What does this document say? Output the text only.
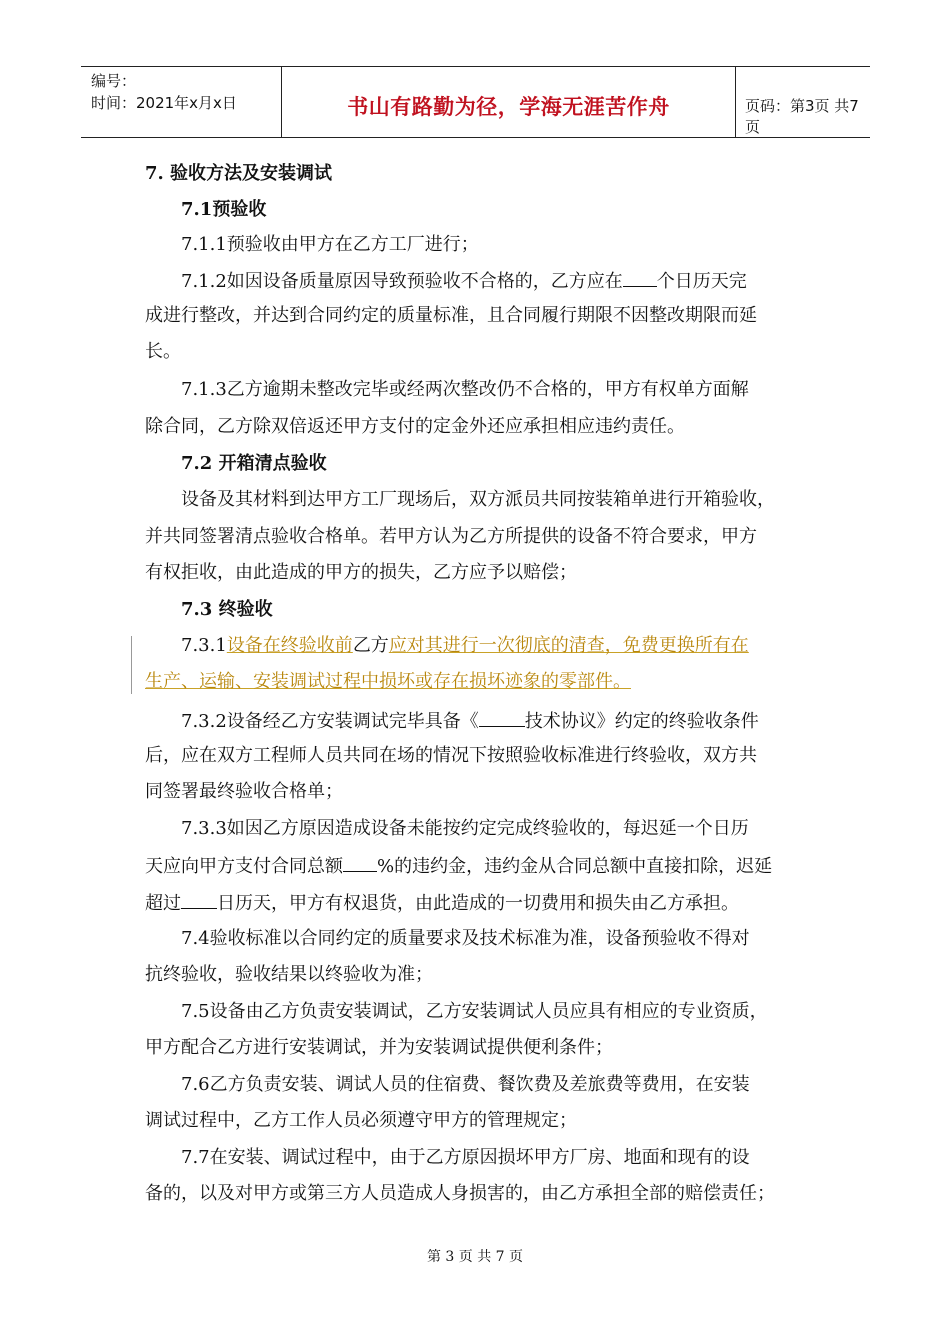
编号：
时间：2021年x月x日	书山有路勤为径，学海无涯苦作舟	页码：第3页 共7页
7. 验收方法及安装调试
7.1预验收
7.1.1预验收由甲方在乙方工厂进行；
7.1.2如因设备质量原因导致预验收不合格的，乙方应在 个日历天完
成进行整改，并达到合同约定的质量标准，且合同履行期限不因整改期限而延
长。
7.1.3乙方逾期未整改完毕或经两次整改仍不合格的，甲方有权单方面解
除合同，乙方除双倍返还甲方支付的定金外还应承担相应违约责任。
7.2 开箱清点验收
设备及其材料到达甲方工厂现场后，双方派员共同按装箱单进行开箱验收，
并共同签署清点验收合格单。若甲方认为乙方所提供的设备不符合要求，甲方
有权拒收，由此造成的甲方的损失，乙方应予以赔偿；
7.3 终验收
7.3.1设备在终验收前乙方应对其进行一次彻底的清查，免费更换所有在
生产、运输、安装调试过程中损坏或存在损坏迹象的零部件。
7.3.2设备经乙方安装调试完毕具备《	技术协议》约定的终验收条件
后，应在双方工程师人员共同在场的情况下按照验收标准进行终验收，双方共
同签署最终验收合格单；
7.3.3如因乙方原因造成设备未能按约定完成终验收的，每迟延一个日历
天应向甲方支付合同总额 %的违约金，违约金从合同总额中直接扣除，迟延
超过 日历天，甲方有权退货，由此造成的一切费用和损失由乙方承担。
7.4验收标准以合同约定的质量要求及技术标准为准，设备预验收不得对
抗终验收，验收结果以终验收为准；
7.5设备由乙方负责安装调试，乙方安装调试人员应具有相应的专业资质，
甲方配合乙方进行安装调试，并为安装调试提供便利条件；
7.6乙方负责安装、调试人员的住宿费、餐饮费及差旅费等费用，在安装
调试过程中，乙方工作人员必须遵守甲方的管理规定；
7.7在安装、调试过程中，由于乙方原因损坏甲方厂房、地面和现有的设
备的，以及对甲方或第三方人员造成人身损害的，由乙方承担全部的赔偿责任；
第 3 页 共 7 页
